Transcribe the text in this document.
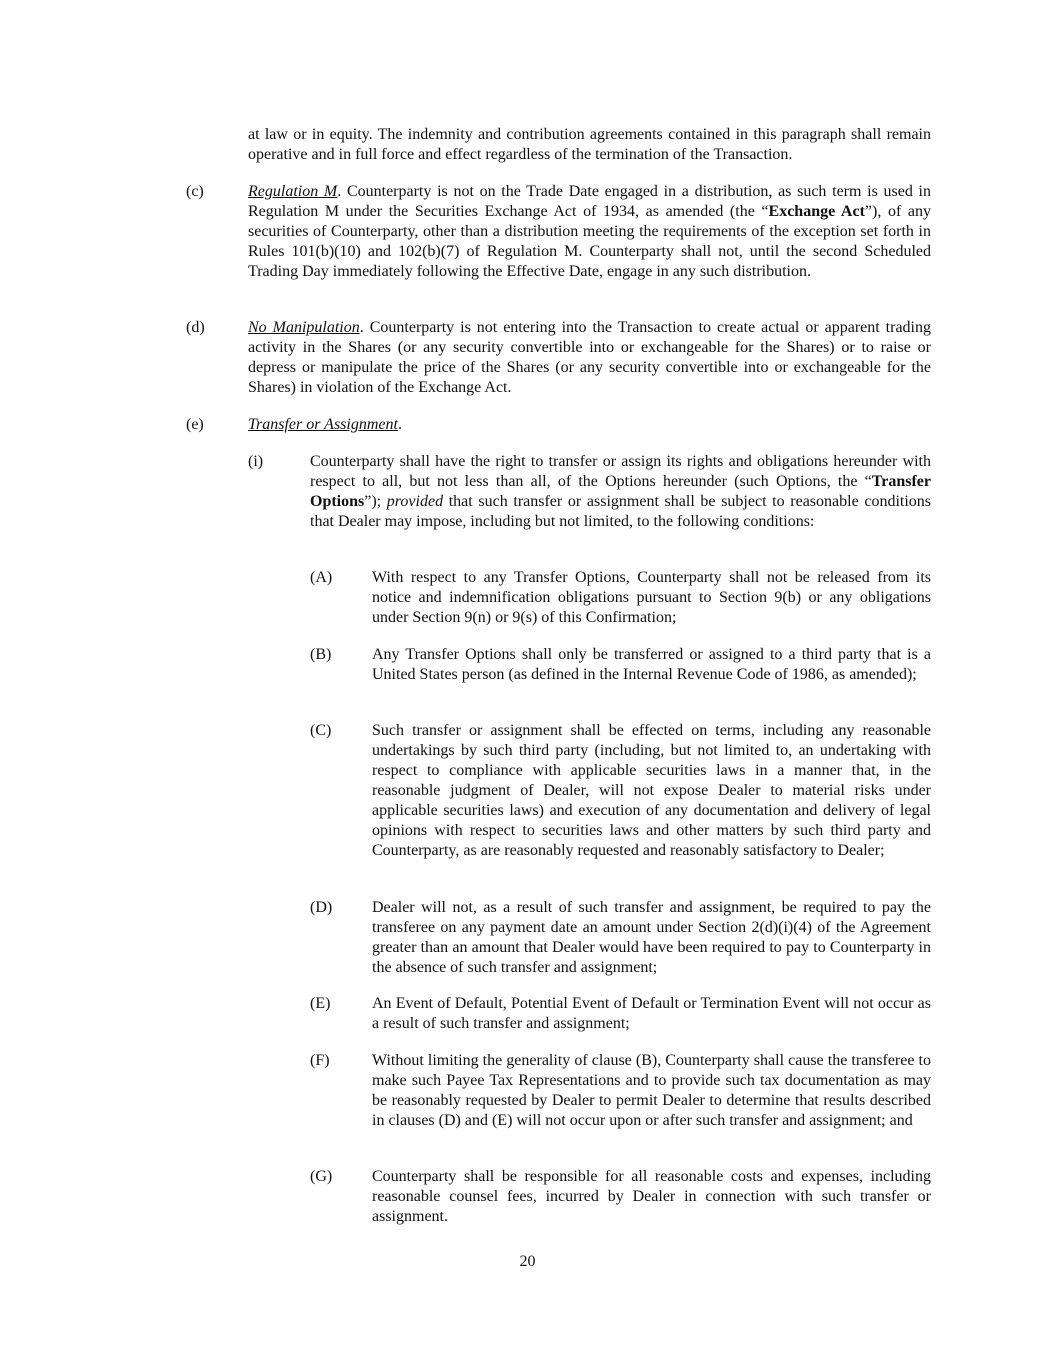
at law or in equity. The indemnity and contribution agreements contained in this paragraph shall remain operative and in full force and effect regardless of the termination of the Transaction.
(c)	Regulation M. Counterparty is not on the Trade Date engaged in a distribution, as such term is used in Regulation M under the Securities Exchange Act of 1934, as amended (the “Exchange Act”), of any securities of Counterparty, other than a distribution meeting the requirements of the exception set forth in Rules 101(b)(10) and 102(b)(7) of Regulation M. Counterparty shall not, until the second Scheduled Trading Day immediately following the Effective Date, engage in any such distribution.
(d)	No Manipulation. Counterparty is not entering into the Transaction to create actual or apparent trading activity in the Shares (or any security convertible into or exchangeable for the Shares) or to raise or depress or manipulate the price of the Shares (or any security convertible into or exchangeable for the Shares) in violation of the Exchange Act.
(e)	Transfer or Assignment.
(i)	Counterparty shall have the right to transfer or assign its rights and obligations hereunder with respect to all, but not less than all, of the Options hereunder (such Options, the “Transfer Options”); provided that such transfer or assignment shall be subject to reasonable conditions that Dealer may impose, including but not limited, to the following conditions:
(A) With respect to any Transfer Options, Counterparty shall not be released from its notice and indemnification obligations pursuant to Section 9(b) or any obligations under Section 9(n) or 9(s) of this Confirmation;
(B)	Any Transfer Options shall only be transferred or assigned to a third party that is a United States person (as defined in the Internal Revenue Code of 1986, as amended);
(C)	Such transfer or assignment shall be effected on terms, including any reasonable undertakings by such third party (including, but not limited to, an undertaking with respect to compliance with applicable securities laws in a manner that, in the reasonable judgment of Dealer, will not expose Dealer to material risks under applicable securities laws) and execution of any documentation and delivery of legal opinions with respect to securities laws and other matters by such third party and Counterparty, as are reasonably requested and reasonably satisfactory to Dealer;
(D) Dealer will not, as a result of such transfer and assignment, be required to pay the transferee on any payment date an amount under Section 2(d)(i)(4) of the Agreement greater than an amount that Dealer would have been required to pay to Counterparty in the absence of such transfer and assignment;
(E)	An Event of Default, Potential Event of Default or Termination Event will not occur as a result of such transfer and assignment;
(F)	Without limiting the generality of clause (B), Counterparty shall cause the transferee to make such Payee Tax Representations and to provide such tax documentation as may be reasonably requested by Dealer to permit Dealer to determine that results described in clauses (D) and (E) will not occur upon or after such transfer and assignment; and
(G) Counterparty shall be responsible for all reasonable costs and expenses, including reasonable counsel fees, incurred by Dealer in connection with such transfer or assignment.
20
